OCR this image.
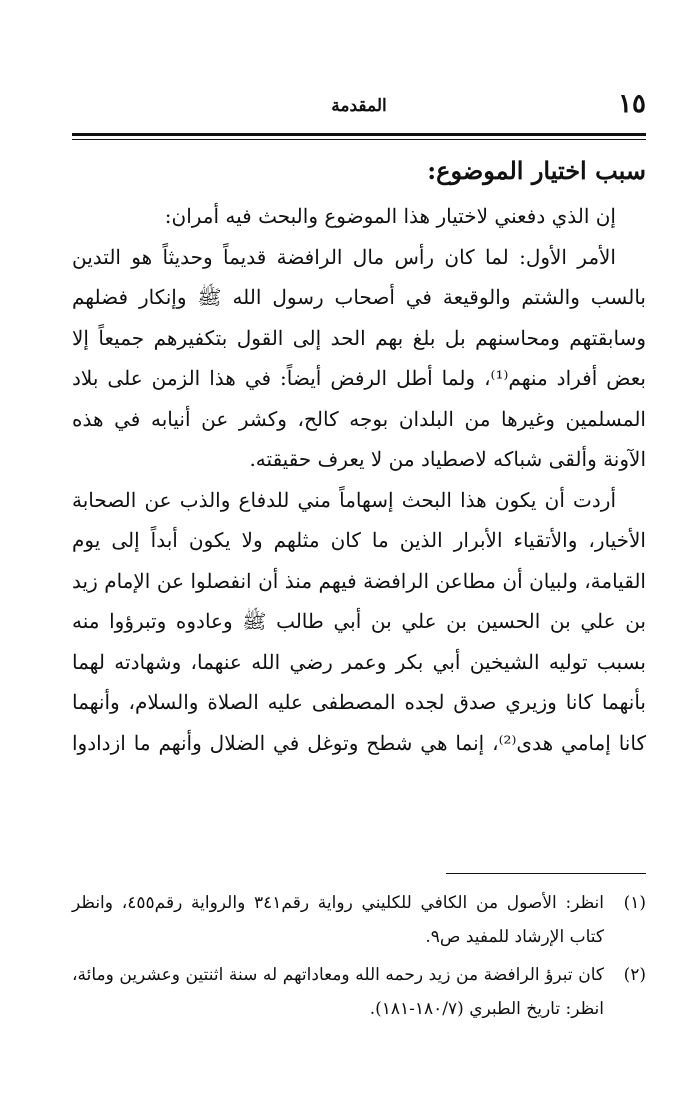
١٥
المقدمة
سبب اختيار الموضوع:

إن الذي دفعني لاختيار هذا الموضوع والبحث فيه أمران:

الأمر الأول: لما كان رأس مال الرافضة قديماً وحديثاً هو التدين بالسب والشتم والوقيعة في أصحاب رسول الله ﷺ وإنكار فضلهم وسابقتهم ومحاسنهم بل بلغ بهم الحد إلى القول بتكفيرهم جميعاً إلا بعض أفراد منهم⁽¹⁾، ولما أطل الرفض أيضاً: في هذا الزمن على بلاد المسلمين وغيرها من البلدان بوجه كالح، وكشر عن أنيابه في هذه الآونة وألقى شباكه لاصطياد من لا يعرف حقيقته.

أردت أن يكون هذا البحث إسهاماً مني للدفاع والذب عن الصحابة الأخيار، والأتقياء الأبرار الذين ما كان مثلهم ولا يكون أبداً إلى يوم القيامة، ولبيان أن مطاعن الرافضة فيهم منذ أن انفصلوا عن الإمام زيد بن علي بن الحسين بن علي بن أبي طالب ﷺ وعادوه وتبرؤوا منه بسبب توليه الشيخين أبي بكر وعمر رضي الله عنهما، وشهادته لهما بأنهما كانا وزيري صدق لجده المصطفى عليه الصلاة والسلام، وأنهما كانا إمامي هدى⁽²⁾، إنما هي شطح وتوغل في الضلال وأنهم ما ازدادوا

(١)
انظر: الأصول من الكافي للكليني رواية رقم٣٤١ والرواية رقم٤٥٥، وانظر كتاب الإرشاد للمفيد ص٩.

(٢)
كان تبرؤ الرافضة من زيد رحمه الله ومعاداتهم له سنة اثنتين وعشرين ومائة، انظر: تاريخ الطبري (١٨٠/٧-١٨١).
